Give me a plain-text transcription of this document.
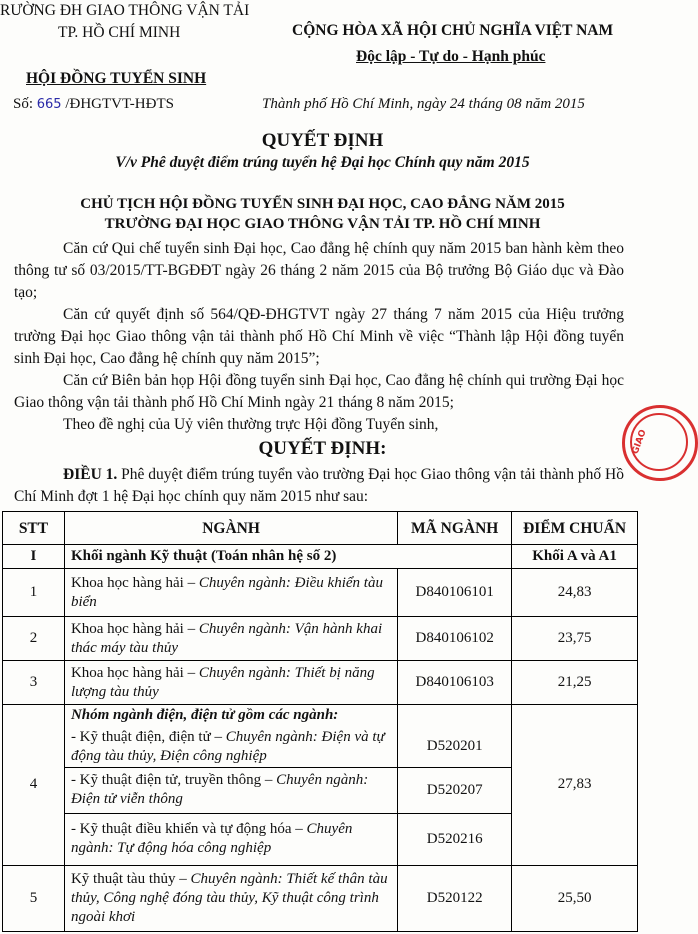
RƯỜNG ĐH GIAO THÔNG VẬN TẢI
TP. HỒ CHÍ MINH
HỘI ĐỒNG TUYỂN SINH
Số: 665 /ĐHGTVT-HĐTS
CỘNG HÒA XÃ HỘI CHỦ NGHĨA VIỆT NAM
Độc lập - Tự do - Hạnh phúc
Thành phố Hồ Chí Minh, ngày 24 tháng 08 năm 2015
QUYẾT ĐỊNH
V/v Phê duyệt điểm trúng tuyển hệ Đại học Chính quy năm 2015
CHỦ TỊCH HỘI ĐỒNG TUYỂN SINH ĐẠI HỌC, CAO ĐẲNG NĂM 2015
TRƯỜNG ĐẠI HỌC GIAO THÔNG VẬN TẢI TP. HỒ CHÍ MINH
Căn cứ Qui chế tuyển sinh Đại học, Cao đẳng hệ chính quy năm 2015 ban hành kèm theo thông tư số 03/2015/TT-BGĐĐT ngày 26 tháng 2 năm 2015 của Bộ trưởng Bộ Giáo dục và Đào tạo;
Căn cứ quyết định số 564/QĐ-ĐHGTVT ngày 27 tháng 7 năm 2015 của Hiệu trưởng trường Đại học Giao thông vận tải thành phố Hồ Chí Minh về việc “Thành lập Hội đồng tuyển sinh Đại học, Cao đẳng hệ chính quy năm 2015”;
Căn cứ Biên bản họp Hội đồng tuyển sinh Đại học, Cao đẳng hệ chính qui trường Đại học Giao thông vận tải thành phố Hồ Chí Minh ngày 21 tháng 8 năm 2015;
Theo đề nghị của Uỷ viên thường trực Hội đồng Tuyển sinh,
QUYẾT ĐỊNH:
ĐIỀU 1. Phê duyệt điểm trúng tuyển vào trường Đại học Giao thông vận tải thành phố Hồ Chí Minh đợt 1 hệ Đại học chính quy năm 2015 như sau:
GIAO
STT	NGÀNH	MÃ NGÀNH	ĐIỂM CHUẨN
I	Khối ngành Kỹ thuật (Toán nhân hệ số 2)		Khối A và A1
1	Khoa học hàng hải – Chuyên ngành: Điều khiển tàu biển	D840106101	24,83
2	Khoa học hàng hải – Chuyên ngành: Vận hành khai thác máy tàu thủy	D840106102	23,75
3	Khoa học hàng hải – Chuyên ngành: Thiết bị năng lượng tàu thủy	D840106103	21,25
4	Nhóm ngành điện, điện tử gồm các ngành:		27,83
	- Kỹ thuật điện, điện tử – Chuyên ngành: Điện và tự động tàu thủy, Điện công nghiệp	D520201	
	- Kỹ thuật điện tử, truyền thông – Chuyên ngành: Điện tử viễn thông	D520207	
	- Kỹ thuật điều khiển và tự động hóa – Chuyên ngành: Tự động hóa công nghiệp	D520216	
5	Kỹ thuật tàu thủy – Chuyên ngành: Thiết kế thân tàu thủy, Công nghệ đóng tàu thủy, Kỹ thuật công trình ngoài khơi	D520122	25,50
